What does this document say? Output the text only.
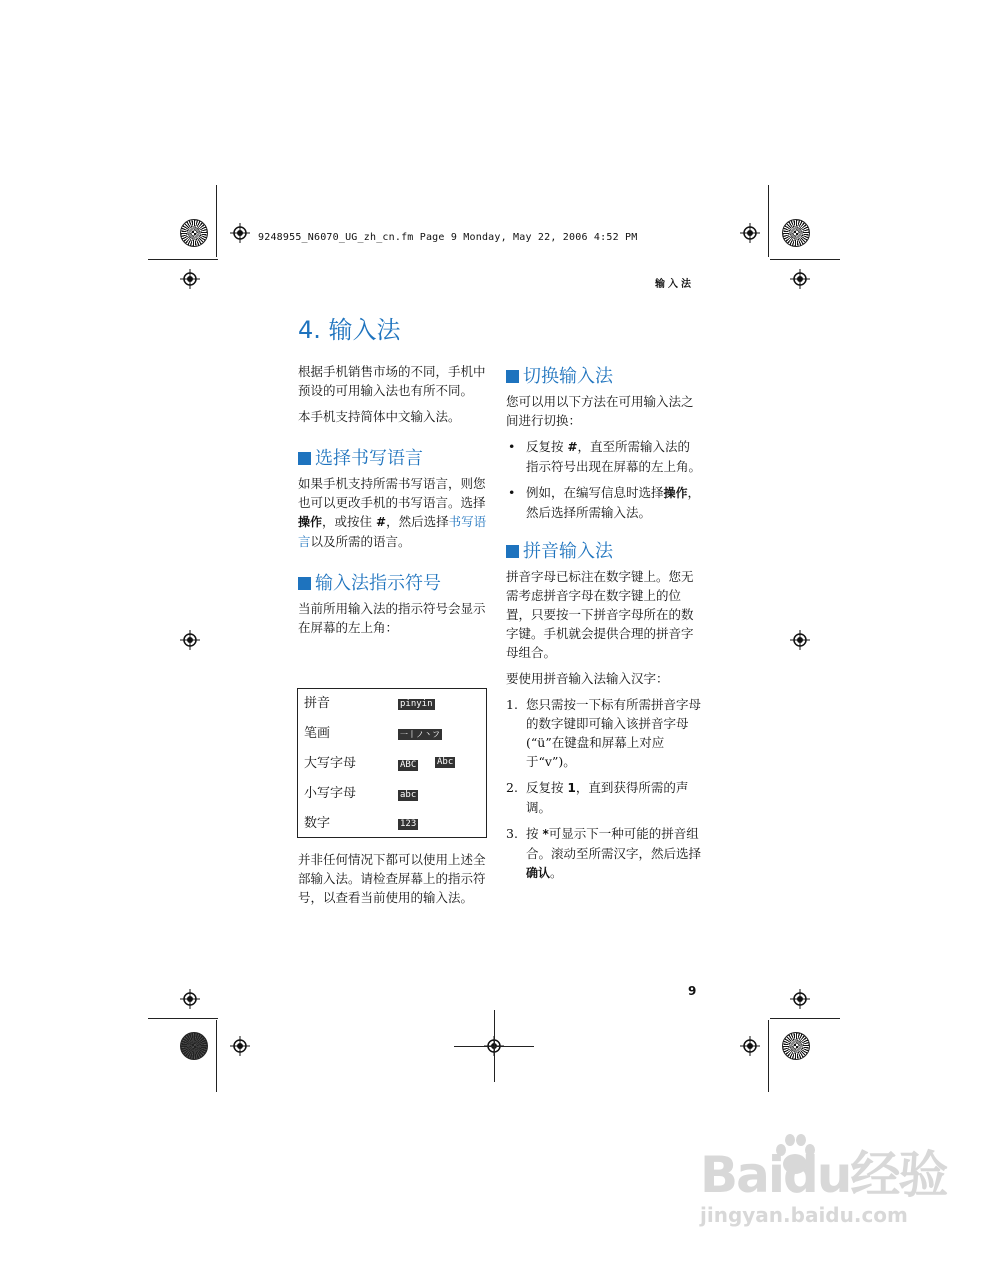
9248955_N6070_UG_zh_cn.fm Page 9 Monday, May 22, 2006 4:52 PM
输入法
4. 输入法

根据手机销售市场的不同，手机中预设的可用输入法也有所不同。

本手机支持简体中文输入法。

选择书写语言

如果手机支持所需书写语言，则您也可以更改手机的书写语言。选择操作，或按住 #，然后选择书写语言以及所需的语言。

输入法指示符号

当前所用输入法的指示符号会显示在屏幕的左上角：

拼音	pinyin
笔画	一丨ノ丶フ
大写字母	ABC Abc
小写字母	abc
数字	123

并非任何情况下都可以使用上述全部输入法。请检查屏幕上的指示符号，以查看当前使用的输入法。

切换输入法

您可以用以下方法在可用输入法之间进行切换：

• 反复按 #，直至所需输入法的指示符号出现在屏幕的左上角。
• 例如，在编写信息时选择操作，然后选择所需输入法。
拼音输入法

拼音字母已标注在数字键上。您无需考虑拼音字母在数字键上的位置，只要按一下拼音字母所在的数字键。手机就会提供合理的拼音字母组合。

要使用拼音输入法输入汉字：

1. 您只需按一下标有所需拼音字母的数字键即可输入该拼音字母 (“ü”在键盘和屏幕上对应于“v”)。
2. 反复按 1，直到获得所需的声调。
3. 按 *可显示下一种可能的拼音组合。滚动至所需汉字，然后选择确认。
9
Baidu经验
jingyan.baidu.com
